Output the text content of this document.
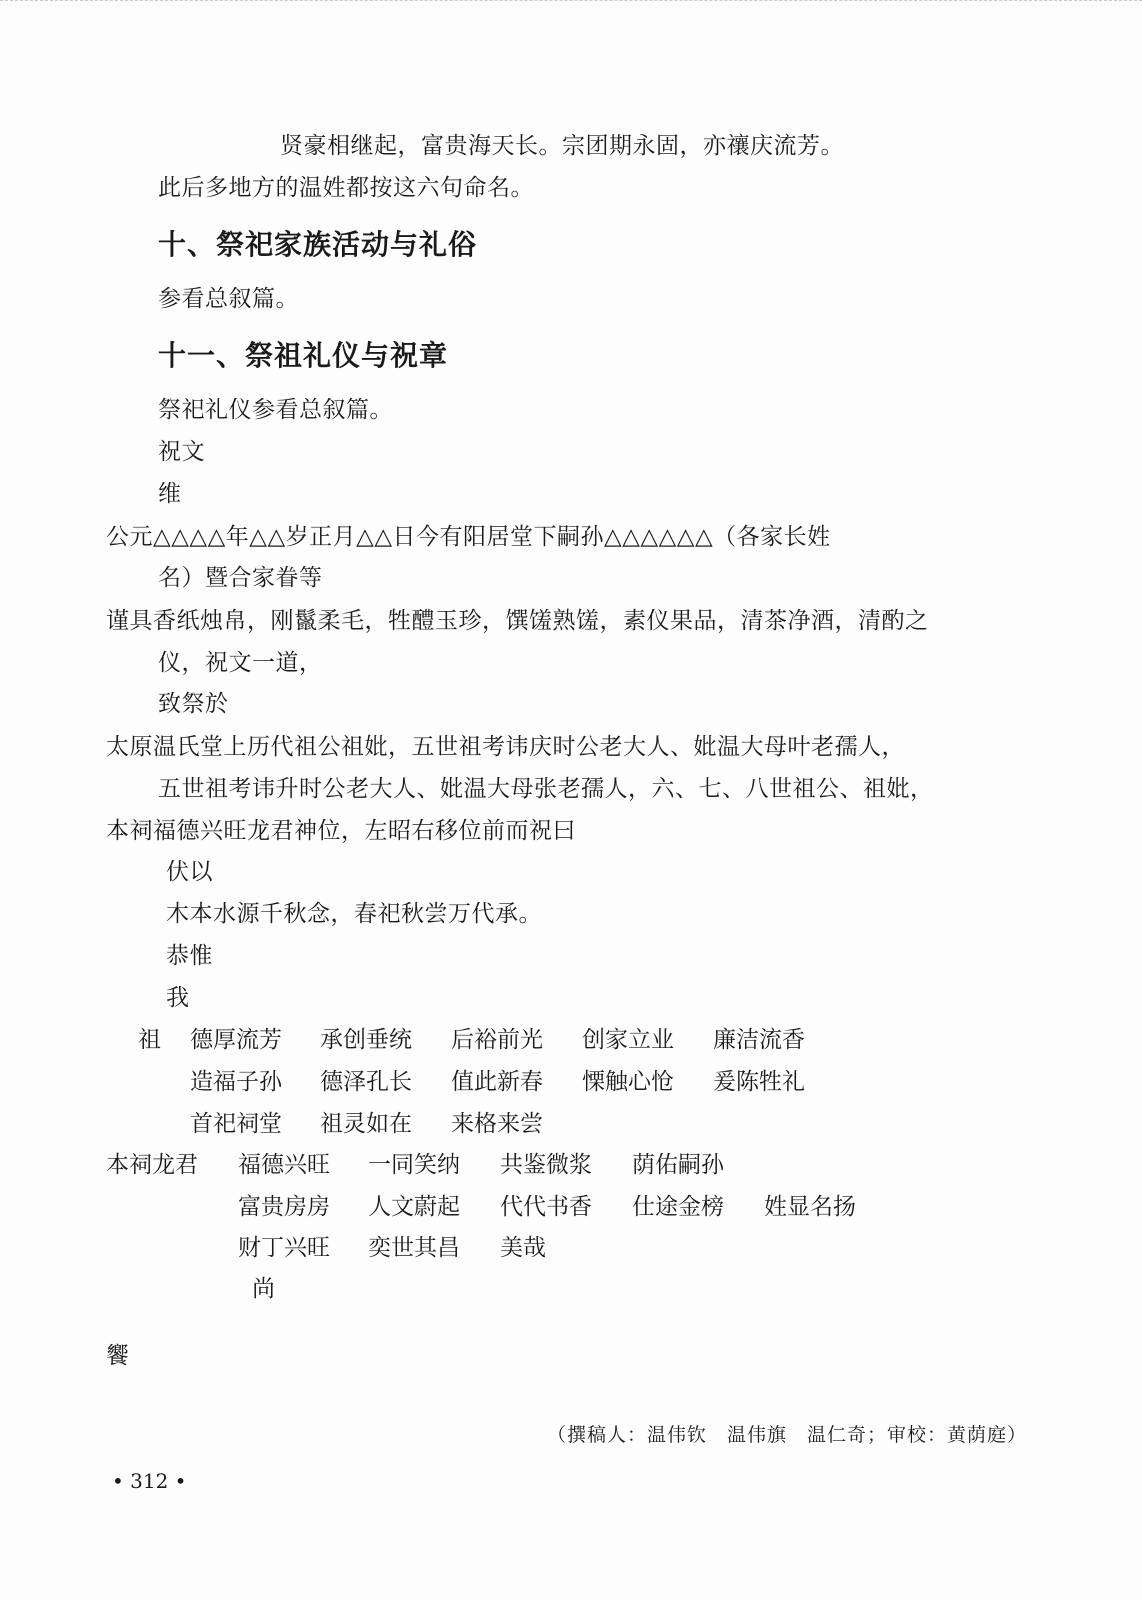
贤豪相继起，富贵海天长。宗团期永固，亦禳庆流芳。
此后多地方的温姓都按这六句命名。
十、祭祀家族活动与礼俗
参看总叙篇。
十一、祭祖礼仪与祝章
祭祀礼仪参看总叙篇。
祝文
维
公元△△△△年△△岁正月△△日今有阳居堂下嗣孙△△△△△△（各家长姓
名）暨合家眷等
谨具香纸烛帛，刚鬣柔毛，牲醴玉珍，馔馐熟馐，素仪果品，清茶净酒，清酌之
仪，祝文一道，
致祭於
太原温氏堂上历代祖公祖妣，五世祖考讳庆时公老大人、妣温大母叶老孺人，
五世祖考讳升时公老大人、妣温大母张老孺人，六、七、八世祖公、祖妣，
本祠福德兴旺龙君神位，左昭右移位前而祝曰
伏以
木本水源千秋念，春祀秋尝万代承。
恭惟
我
祖 德厚流芳 承创垂统 后裕前光 创家立业 廉洁流香
造福子孙 德泽孔长 值此新春 慄触心怆 爰陈牲礼
首祀祠堂 祖灵如在 来格来尝
本祠龙君 福德兴旺 一同笑纳 共鉴微浆 荫佑嗣孙
富贵房房 人文蔚起 代代书香 仕途金榜 姓显名扬
财丁兴旺 奕世其昌 美哉
尚
饗
（撰稿人：温伟钦　温伟旗　温仁奇；审校：黄荫庭）
• 312 •
